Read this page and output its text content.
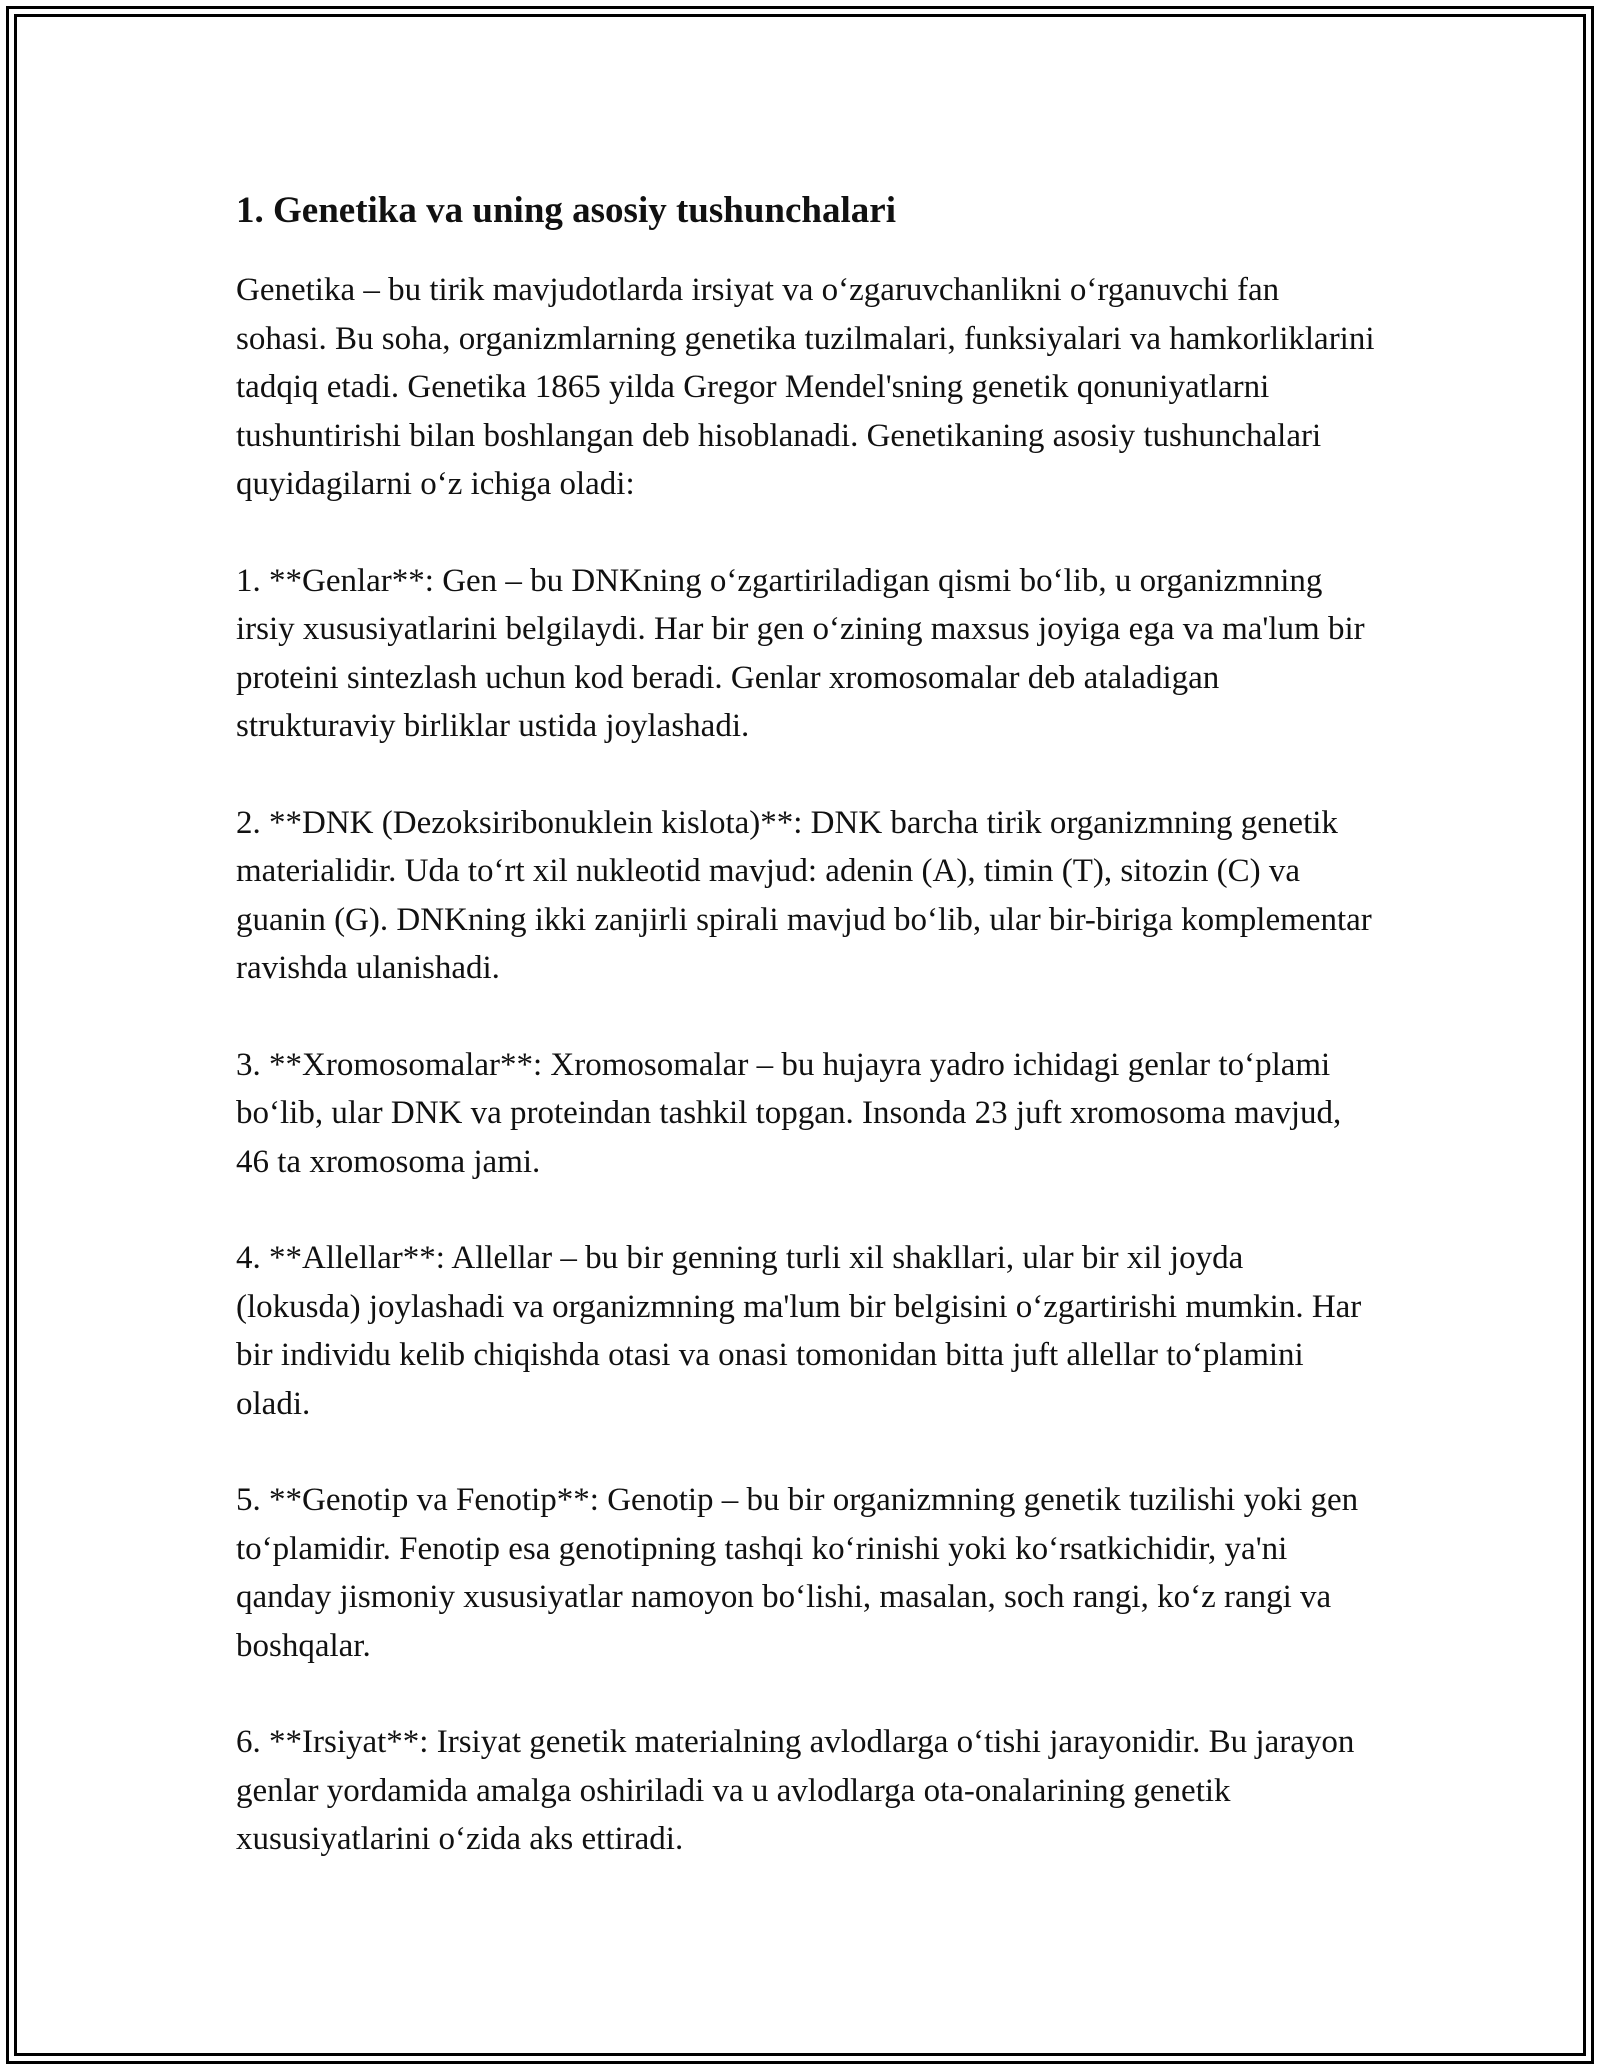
1. Genetika va uning asosiy tushunchalari

Genetika – bu tirik mavjudotlarda irsiyat va oʻzgaruvchanlikni oʻrganuvchi fan sohasi. Bu soha, organizmlarning genetika tuzilmalari, funksiyalari va hamkorliklarini tadqiq etadi. Genetika 1865 yilda Gregor Mendel'sning genetik qonuniyatlarni tushuntirishi bilan boshlangan deb hisoblanadi. Genetikaning asosiy tushunchalari quyidagilarni oʻz ichiga oladi:

1. **Genlar**: Gen – bu DNKning oʻzgartiriladigan qismi boʻlib, u organizmning irsiy xususiyatlarini belgilaydi. Har bir gen oʻzining maxsus joyiga ega va ma'lum bir proteini sintezlash uchun kod beradi. Genlar xromosomalar deb ataladigan strukturaviy birliklar ustida joylashadi.

2. **DNK (Dezoksiribonuklein kislota)**: DNK barcha tirik organizmning genetik materialidir. Uda toʻrt xil nukleotid mavjud: adenin (A), timin (T), sitozin (C) va guanin (G). DNKning ikki zanjirli spirali mavjud boʻlib, ular bir-biriga komplementar ravishda ulanishadi.

3. **Xromosomalar**: Xromosomalar – bu hujayra yadro ichidagi genlar toʻplami boʻlib, ular DNK va proteindan tashkil topgan. Insonda 23 juft xromosoma mavjud, 46 ta xromosoma jami.

4. **Allellar**: Allellar – bu bir genning turli xil shakllari, ular bir xil joyda (lokusda) joylashadi va organizmning ma'lum bir belgisini oʻzgartirishi mumkin. Har bir individu kelib chiqishda otasi va onasi tomonidan bitta juft allellar toʻplamini oladi.

5. **Genotip va Fenotip**: Genotip – bu bir organizmning genetik tuzilishi yoki gen toʻplamidir. Fenotip esa genotipning tashqi koʻrinishi yoki koʻrsatkichidir, ya'ni qanday jismoniy xususiyatlar namoyon boʻlishi, masalan, soch rangi, koʻz rangi va boshqalar.

6. **Irsiyat**: Irsiyat genetik materialning avlodlarga oʻtishi jarayonidir. Bu jarayon genlar yordamida amalga oshiriladi va u avlodlarga ota-onalarining genetik xususiyatlarini oʻzida aks ettiradi.
